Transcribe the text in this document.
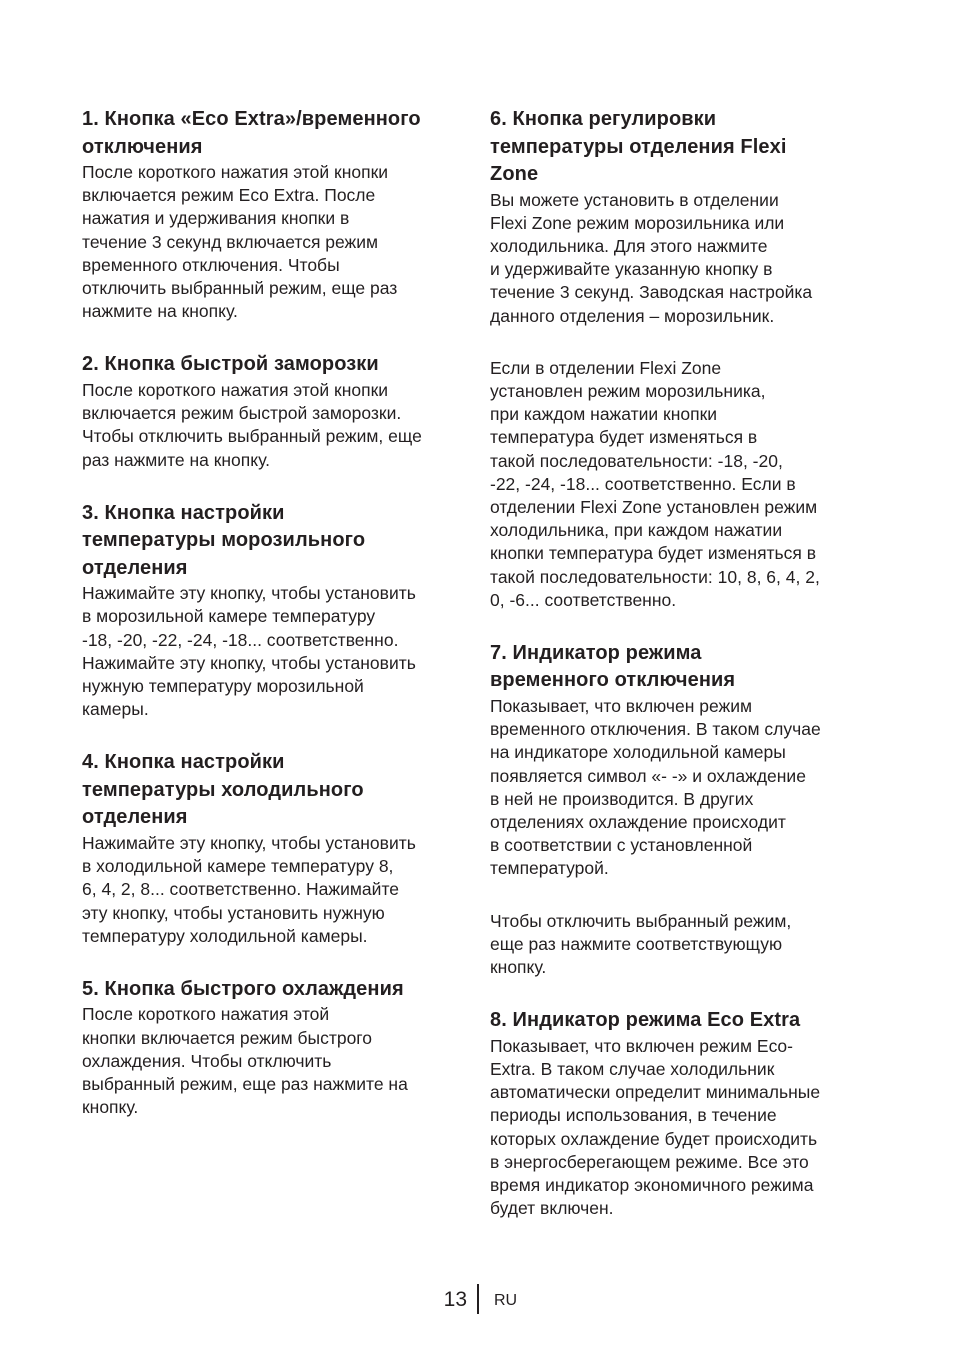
1. Кнопка «Eco Extra»/временного
отключения

После короткого нажатия этой кнопки
включается режим Eco Extra. После
нажатия и удерживания кнопки в
течение 3 секунд включается режим
временного отключения. Чтобы
отключить выбранный режим, еще раз
нажмите на кнопку.

2. Кнопка быстрой заморозки

После короткого нажатия этой кнопки
включается режим быстрой заморозки.
Чтобы отключить выбранный режим, еще
раз нажмите на кнопку.

3. Кнопка настройки
температуры морозильного
отделения

Нажимайте эту кнопку, чтобы установить
в морозильной камере температуру
-18, -20, -22, -24, -18... соответственно.
Нажимайте эту кнопку, чтобы установить
нужную температуру морозильной
камеры.

4. Кнопка настройки
температуры холодильного
отделения

Нажимайте эту кнопку, чтобы установить
в холодильной камере температуру 8,
6, 4, 2, 8... соответственно. Нажимайте
эту кнопку, чтобы установить нужную
температуру холодильной камеры.

5. Кнопка быстрого охлаждения

После короткого нажатия этой
кнопки включается режим быстрого
охлаждения. Чтобы отключить
выбранный режим, еще раз нажмите на
кнопку.

6. Кнопка регулировки
температуры отделения Flexi
Zone

Вы можете установить в отделении
Flexi Zone режим морозильника или
холодильника. Для этого нажмите
и удерживайте указанную кнопку в
течение 3 секунд. Заводская настройка
данного отделения – морозильник.

Если в отделении Flexi Zone
установлен режим морозильника,
при каждом нажатии кнопки
температура будет изменяться в
такой последовательности: -18, -20,
-22, -24, -18... соответственно. Если в
отделении Flexi Zone установлен режим
холодильника, при каждом нажатии
кнопки температура будет изменяться в
такой последовательности: 10, 8, 6, 4, 2,
0, -6... соответственно.

7. Индикатор режима
временного отключения

Показывает, что включен режим
временного отключения. В таком случае
на индикаторе холодильной камеры
появляется символ «- -» и охлаждение
в ней не производится. В других
отделениях охлаждение происходит
в соответствии с установленной
температурой.

Чтобы отключить выбранный режим,
еще раз нажмите соответствующую
кнопку.

8. Индикатор режима Eco Extra

Показывает, что включен режим Eco-
Extra. В таком случае холодильник
автоматически определит минимальные
периоды использования, в течение
которых охлаждение будет происходить
в энергосберегающем режиме. Все это
время индикатор экономичного режима
будет включен.

13 RU
